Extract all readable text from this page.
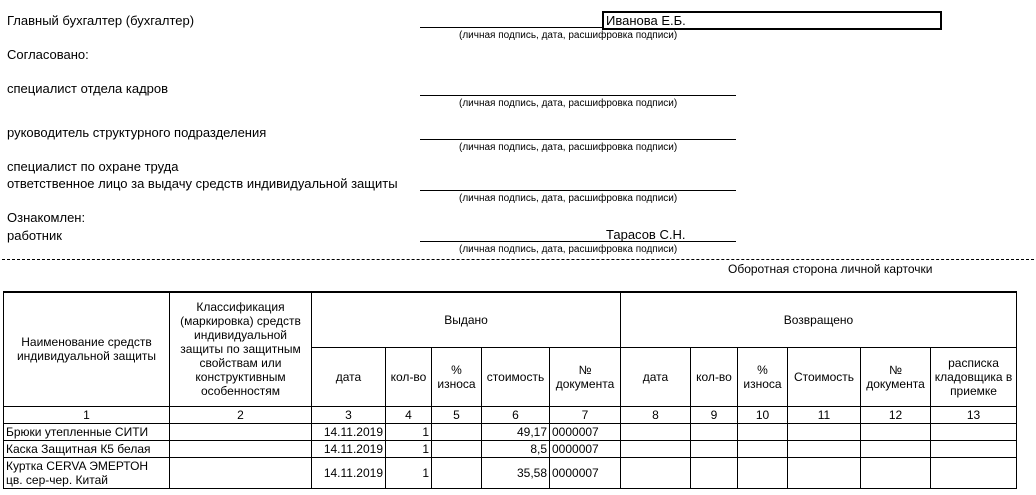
Главный бухгалтер (бухгалтер)	Иванова Е.Б.
(личная подпись, дата, расшифровка подписи)
Согласовано:
специалист отдела кадров
(личная подпись, дата, расшифровка подписи)
руководитель структурного подразделения
(личная подпись, дата, расшифровка подписи)
специалист по охране труда
ответственное лицо за выдачу средств индивидуальной защиты
(личная подпись, дата, расшифровка подписи)
Ознакомлен:
работник	Тарасов С.Н.
(личная подпись, дата, расшифровка подписи)
Оборотная сторона личной карточки
Наименование средств индивидуальной защиты	Классификация (маркировка) средств индивидуальной защиты по защитным свойствам или конструктивным особенностям	Выдано					Возвращено					
		дата	кол-во	% износа	стоимость	№ документа	дата	кол-во	% износа	Стоимость	№ документа	расписка кладовщика в приемке
1	2	3	4	5	6	7	8	9	10	11	12	13
Брюки утепленные СИТИ		14.11.2019	1		49,17	0000007						
Каска Защитная К5 белая		14.11.2019	1		8,5	0000007						
Куртка CERVA ЭМЕРТОН цв. сер-чер. Китай		14.11.2019	1		35,58	0000007						
